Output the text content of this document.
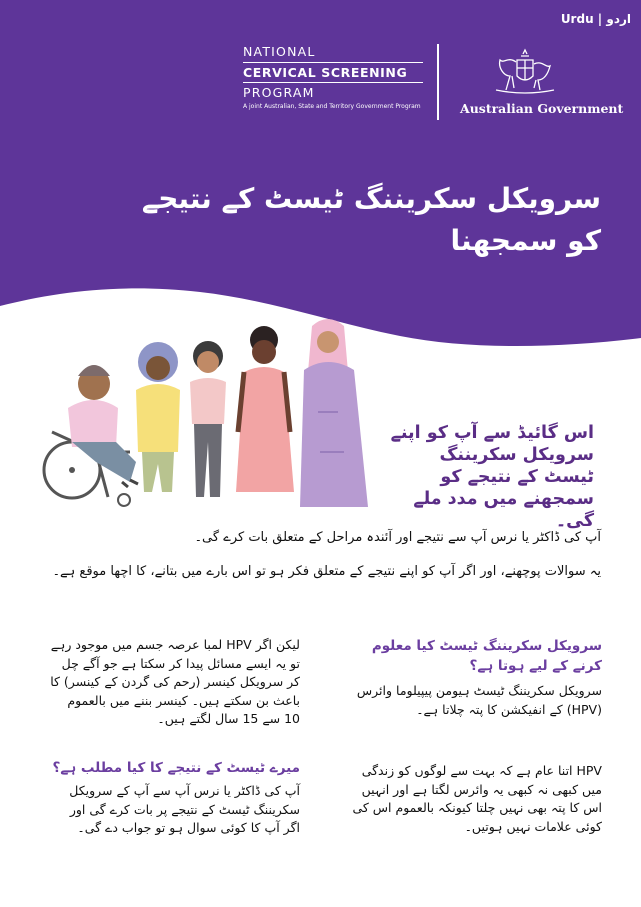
Urdu | اردو
NATIONAL
CERVICAL SCREENING
PROGRAM
A joint Australian, State and Territory Government Program	Australian Government
سرویکل سکریننگ ٹیسٹ کے نتیجے کو سمجھنا
اس گائیڈ سے آپ کو اپنے سرویکل سکریننگ ٹیسٹ کے نتیجے کو سمجھنے میں مدد ملے گی۔
آپ کی ڈاکٹر یا نرس آپ سے نتیجے اور آئندہ مراحل کے متعلق بات کرے گی۔
یہ سوالات پوچھنے، اور اگر آپ کو اپنے نتیجے کے متعلق فکر ہو تو اس بارے میں بتانے، کا اچھا موقع ہے۔
سرویکل سکریننگ ٹیسٹ کیا معلوم کرنے کے لیے ہوتا ہے؟
سرویکل سکریننگ ٹیسٹ ہیومن پیپیلوما وائرس (HPV) کے انفیکشن کا پتہ چلاتا ہے۔
HPV اتنا عام ہے کہ بہت سے لوگوں کو زندگی میں کبھی نہ کبھی یہ وائرس لگتا ہے اور انہیں اس کا پتہ بھی نہیں چلتا کیونکہ بالعموم اس کی کوئی علامات نہیں ہوتیں۔
لیکن اگر HPV لمبا عرصہ جسم میں موجود رہے تو یہ ایسے مسائل پیدا کر سکتا ہے جو آگے چل کر سرویکل کینسر (رحم کی گردن کے کینسر) کا باعث بن سکتے ہیں۔ کینسر بننے میں بالعموم 10 سے 15 سال لگتے ہیں۔
میرے ٹیسٹ کے نتیجے کا کیا مطلب ہے؟
آپ کی ڈاکٹر یا نرس آپ سے آپ کے سرویکل سکریننگ ٹیسٹ کے نتیجے پر بات کرے گی اور اگر آپ کا کوئی سوال ہو تو جواب دے گی۔
